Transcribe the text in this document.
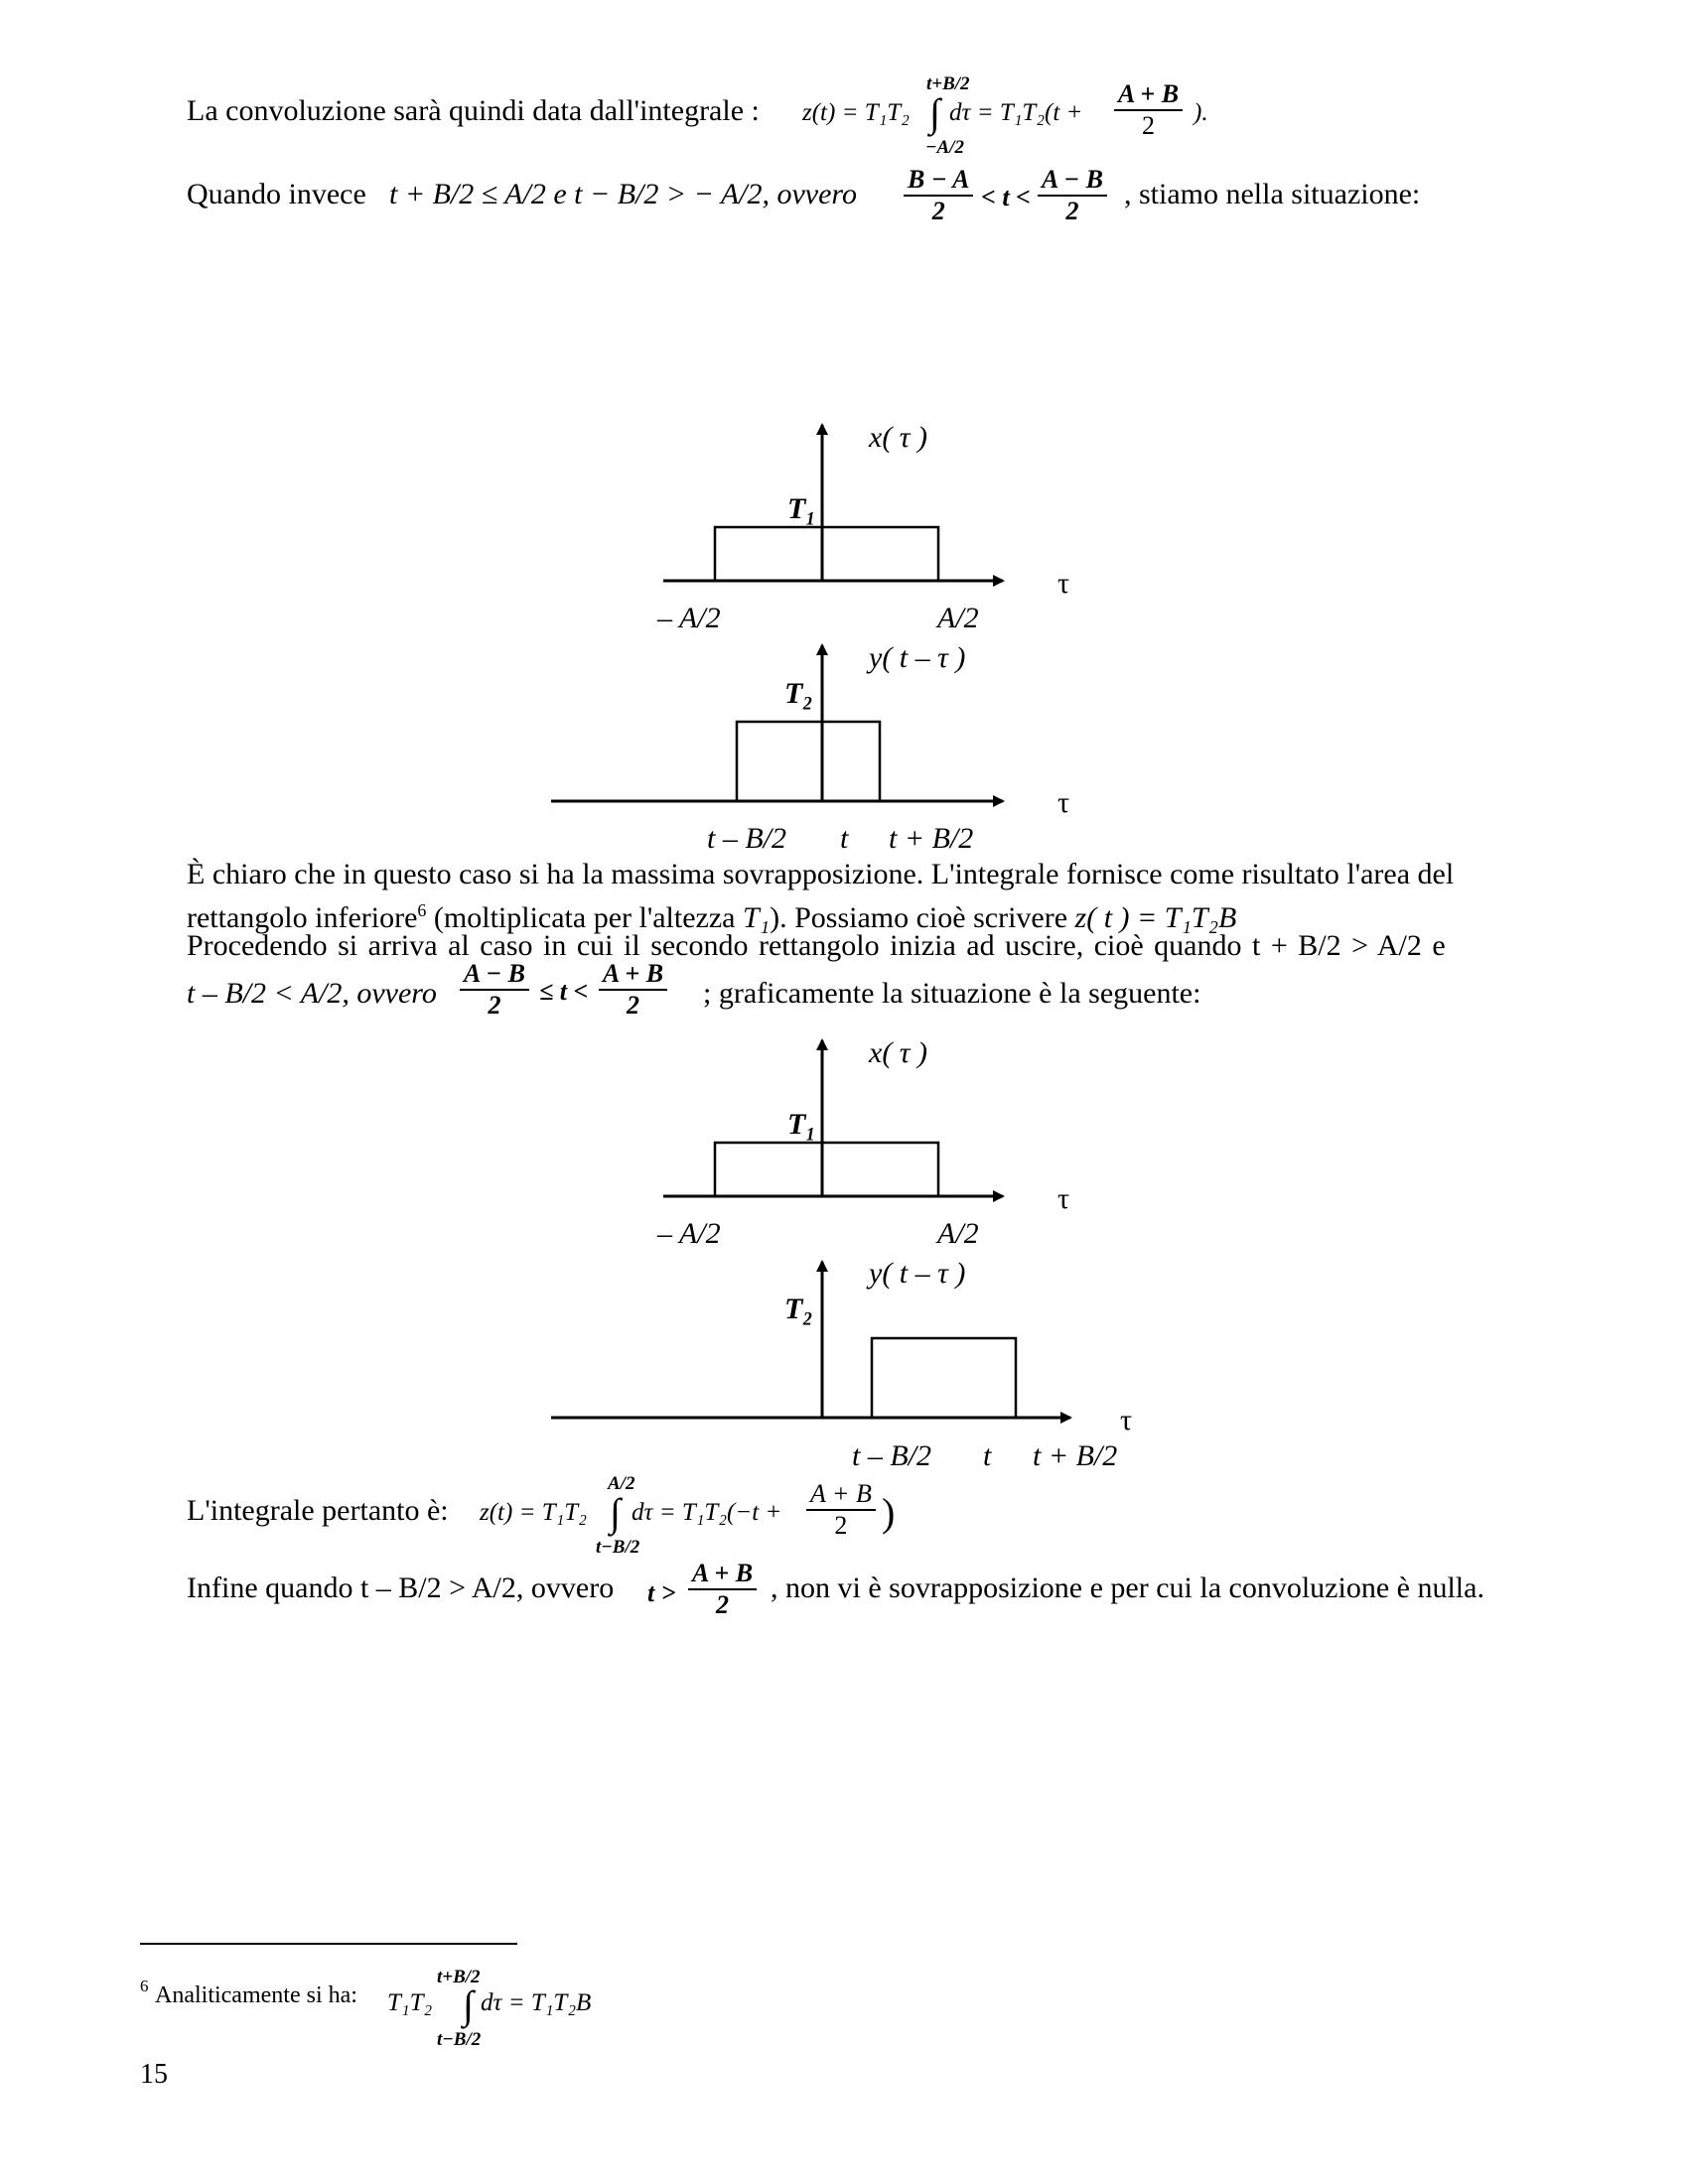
La convoluzione sarà quindi data dall'integrale : z(t) = T₁T₂
t+B/2
∫
−A/2
$d\tau = T_1T_2(t + \frac{A + B}{2}$ ).
Quando invece t + B/2 ≤ A/2 e t − B/2 > − A/2, ovvero $\frac{B - A}{2} < t < \frac{A - B}{2}$ , stiamo nella situazione:
x( τ )
T₁
τ
– A/2	A/2
y( t – τ )
T₂
τ
t – B/2 t t + B/2
È chiaro che in questo caso si ha la massima sovrapposizione. L'integrale fornisce come risultato l'area del
rettangolo inferiore$^6$ (moltiplicata per l'altezza T₁). Possiamo cioè scrivere z( t ) = T₁T₂B
Procedendo si arriva al caso in cui il secondo rettangolo inizia ad uscire, cioè quando t + B/2 > A/2 e
t – B/2 < A/2, ovvero $\frac{A - B}{2} \le t < \frac{A + B}{2}$ ; graficamente la situazione è la seguente:
x( τ )
T₁
τ
– A/2	A/2
y( t – τ )
T₂
τ
t – B/2 t t + B/2
L'integrale pertanto è: z(t) = T₁T₂
A/2
∫
t−B/2
$d\tau = T_1T_2(-t + \frac{A + B}{2}$ )
Infine quando t – B/2 > A/2, ovvero $t > \frac{A + B}{2}$ , non vi è sovrapposizione e per cui la convoluzione è nulla.
6 Analiticamente si ha: T₁T₂
t+B/2
∫
t−B/2
dτ = T₁T₂B
15
